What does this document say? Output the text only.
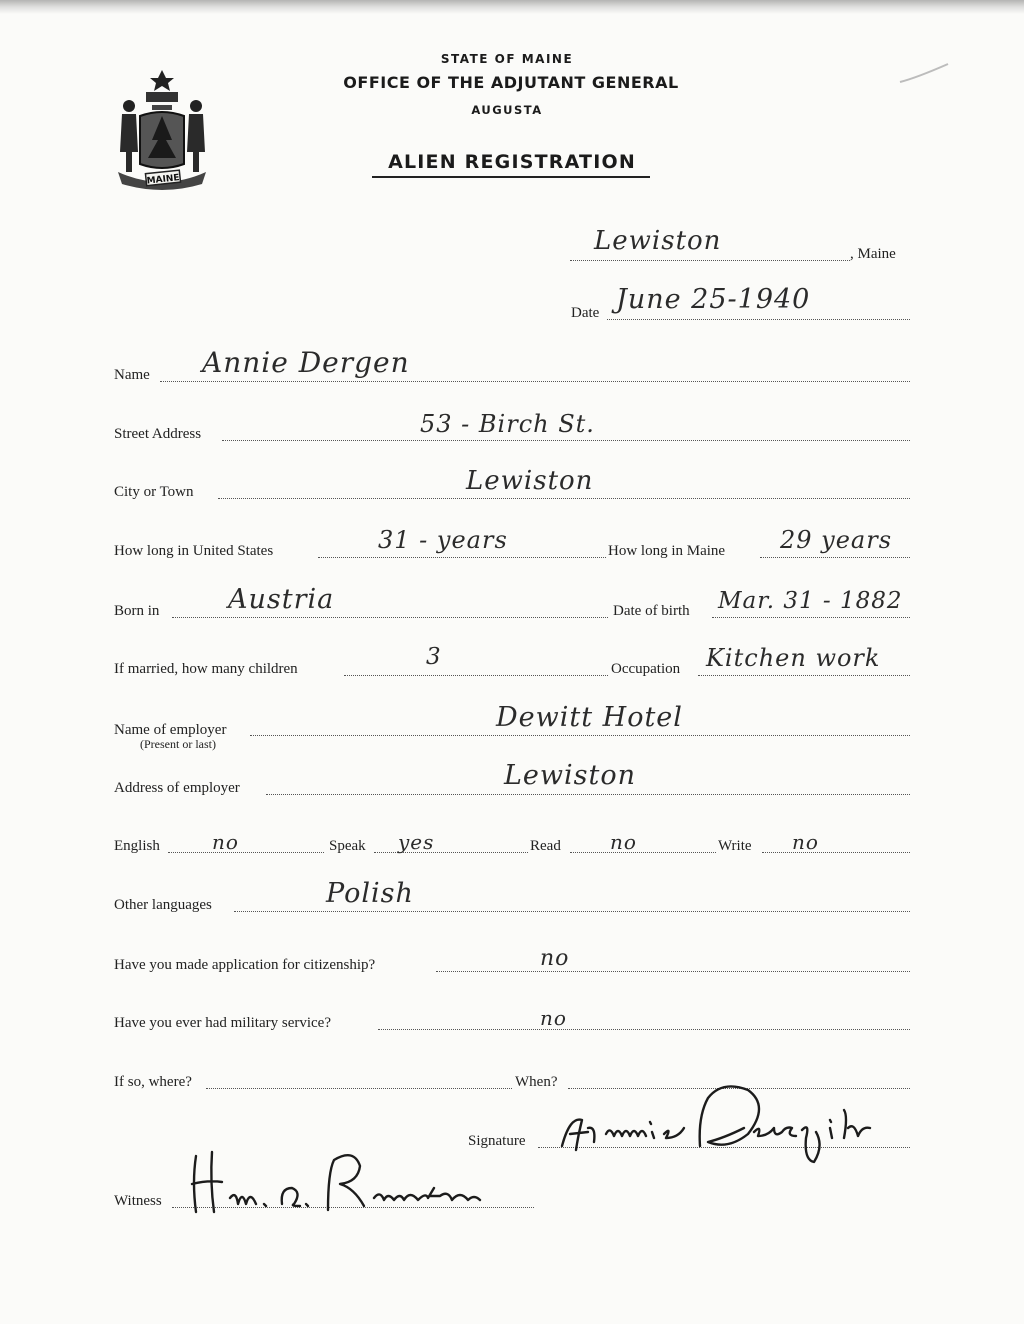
MAINE
STATE OF MAINE
OFFICE OF THE ADJUTANT GENERAL
AUGUSTA
ALIEN REGISTRATION
Lewiston	, Maine
Date June 25-1940
Name Annie Dergen
Street Address	53 - Birch St.
City or Town	Lewiston
How long in United States	31 - years	How long in Maine 29 years
Born in	Austria	Date of birth Mar. 31 - 1882
If married, how many children	3	Occupation Kitchen work
Name of employer
(Present or last)
Dewitt Hotel
Address of employer	Lewiston
English	no	Speak yes	Read no	Write no
Other languages	Polish
Have you made application for citizenship?	no
Have you ever had military service?	no
If so, where?	When?
Signature
Witness
